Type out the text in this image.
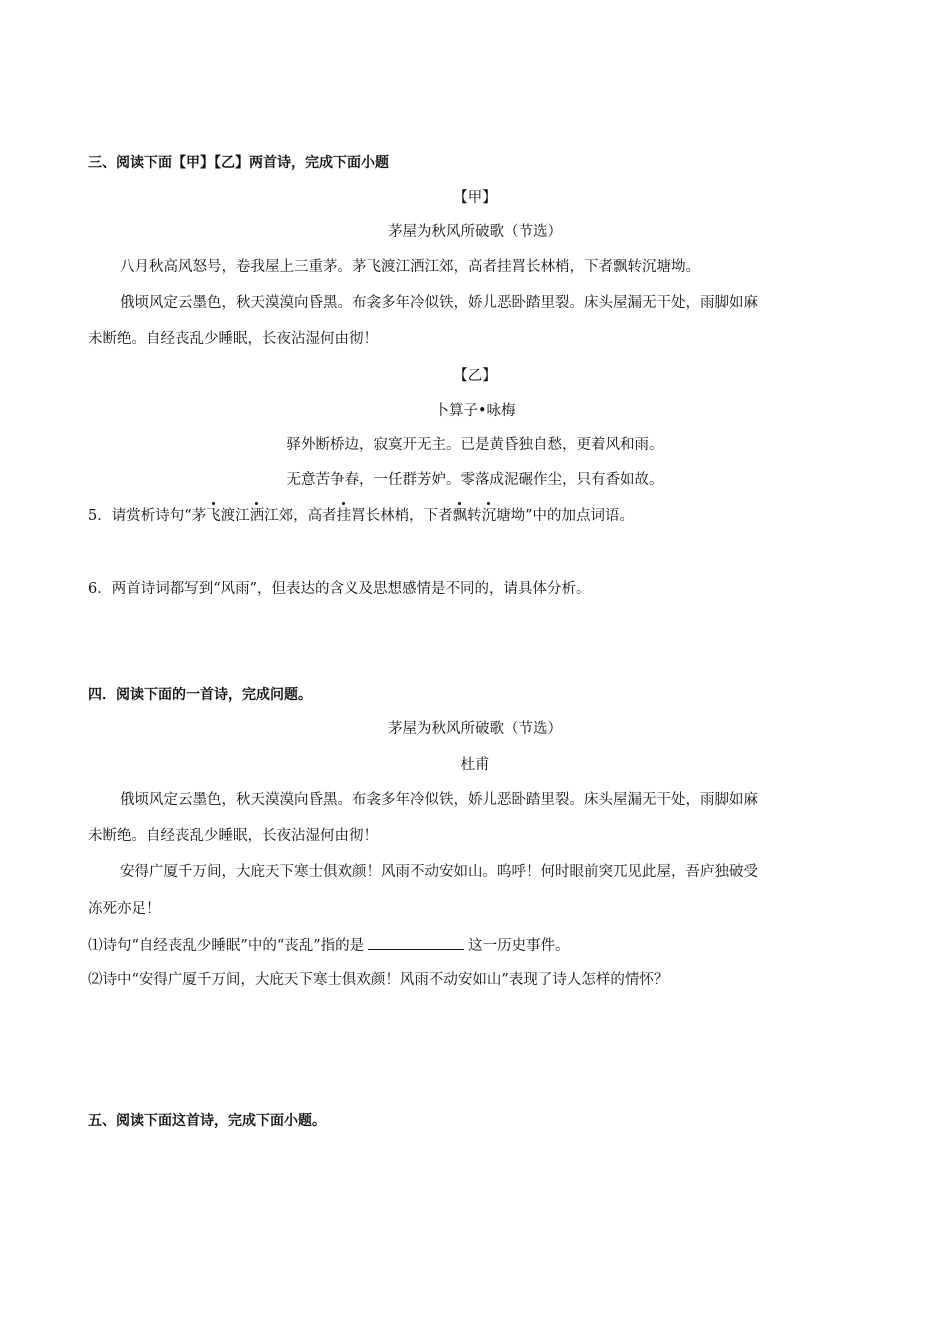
三、阅读下面【甲】【乙】两首诗，完成下面小题
【甲】
茅屋为秋风所破歌（节选）
八月秋高风怒号，卷我屋上三重茅。茅飞渡江洒江郊，高者挂罥长林梢，下者飘转沉塘坳。
俄顷风定云墨色，秋天漠漠向昏黑。布衾多年冷似铁，娇儿恶卧踏里裂。床头屋漏无干处，雨脚如麻
未断绝。自经丧乱少睡眠，长夜沾湿何由彻！
【乙】
卜算子•咏梅
驿外断桥边，寂寞开无主。已是黄昏独自愁，更着风和雨。
无意苦争春，一任群芳妒。零落成泥碾作尘，只有香如故。
5．请赏析诗句“茅飞渡江洒江郊，高者挂罥长林梢，下者飘转沉塘坳”中的加点词语。
6．两首诗词都写到“风雨”，但表达的含义及思想感情是不同的，请具体分析。
四．阅读下面的一首诗，完成问题。
茅屋为秋风所破歌（节选）
杜甫
俄顷风定云墨色，秋天漠漠向昏黑。布衾多年冷似铁，娇儿恶卧踏里裂。床头屋漏无干处，雨脚如麻
未断绝。自经丧乱少睡眠，长夜沾湿何由彻！
安得广厦千万间，大庇天下寒士俱欢颜！风雨不动安如山。呜呼！何时眼前突兀见此屋，吾庐独破受
冻死亦足！
⑴诗句“自经丧乱少睡眠”中的“丧乱”指的是	这一历史事件。
⑵诗中“安得广厦千万间，大庇天下寒士俱欢颜！风雨不动安如山”表现了诗人怎样的情怀？
五、阅读下面这首诗，完成下面小题。
